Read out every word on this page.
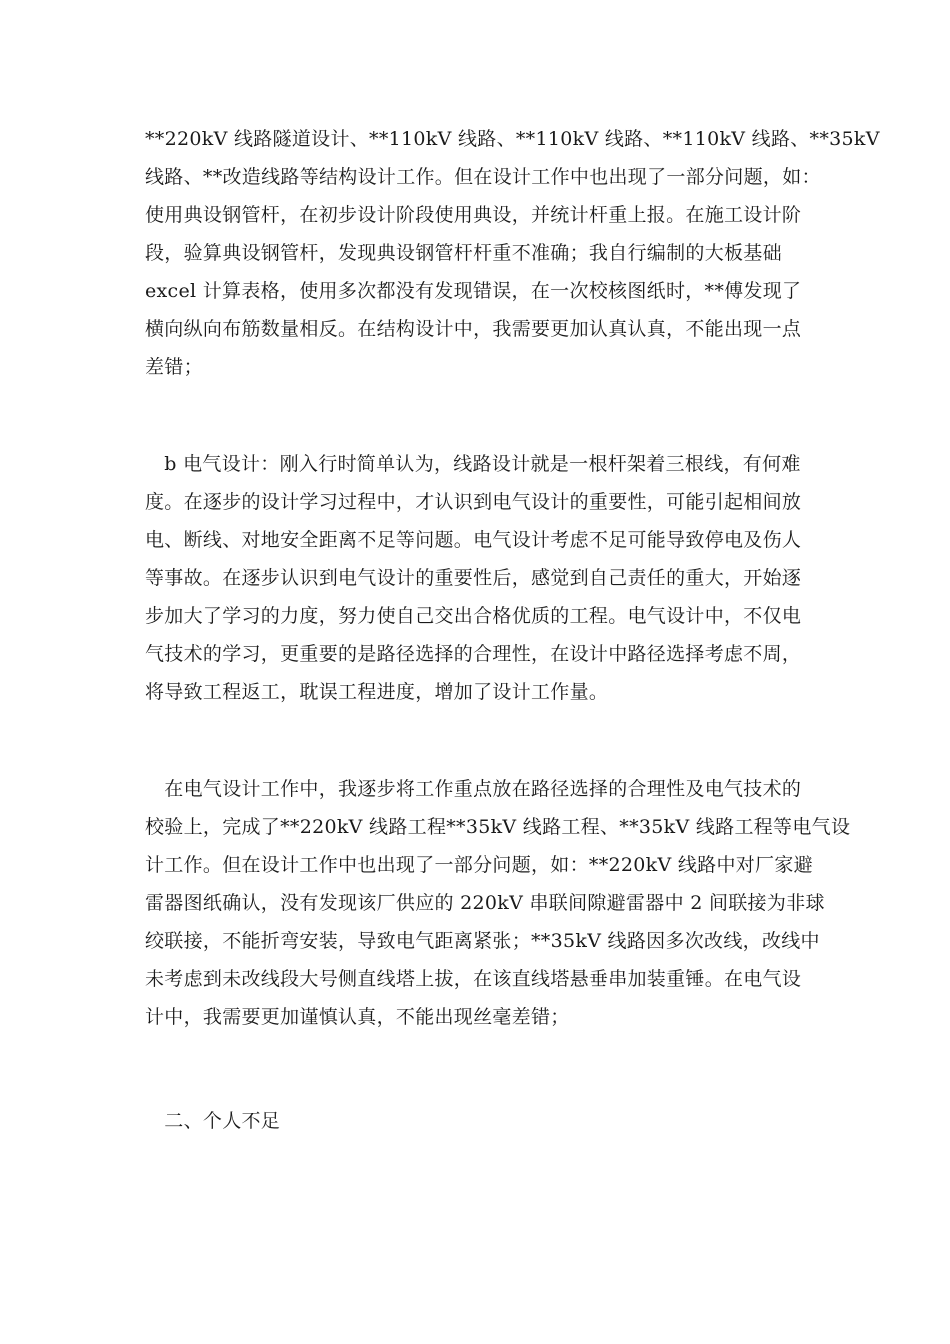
**220kV 线路隧道设计、**110kV 线路、**110kV 线路、**110kV 线路、**35kV
线路、**改造线路等结构设计工作。但在设计工作中也出现了一部分问题，如：
使用典设钢管杆，在初步设计阶段使用典设，并统计杆重上报。在施工设计阶
段，验算典设钢管杆，发现典设钢管杆杆重不准确；我自行编制的大板基础
excel 计算表格，使用多次都没有发现错误，在一次校核图纸时，**傅发现了
横向纵向布筋数量相反。在结构设计中，我需要更加认真认真，不能出现一点
差错；
　b 电气设计：刚入行时简单认为，线路设计就是一根杆架着三根线，有何难
度。在逐步的设计学习过程中，才认识到电气设计的重要性，可能引起相间放
电、断线、对地安全距离不足等问题。电气设计考虑不足可能导致停电及伤人
等事故。在逐步认识到电气设计的重要性后，感觉到自己责任的重大，开始逐
步加大了学习的力度，努力使自己交出合格优质的工程。电气设计中，不仅电
气技术的学习，更重要的是路径选择的合理性，在设计中路径选择考虑不周，
将导致工程返工，耽误工程进度，增加了设计工作量。
　在电气设计工作中，我逐步将工作重点放在路径选择的合理性及电气技术的
校验上，完成了**220kV 线路工程**35kV 线路工程、**35kV 线路工程等电气设
计工作。但在设计工作中也出现了一部分问题，如：**220kV 线路中对厂家避
雷器图纸确认，没有发现该厂供应的 220kV 串联间隙避雷器中 2 间联接为非球
绞联接，不能折弯安装，导致电气距离紧张；**35kV 线路因多次改线，改线中
未考虑到未改线段大号侧直线塔上拔，在该直线塔悬垂串加装重锤。在电气设
计中，我需要更加谨慎认真，不能出现丝毫差错；
　二、个人不足
